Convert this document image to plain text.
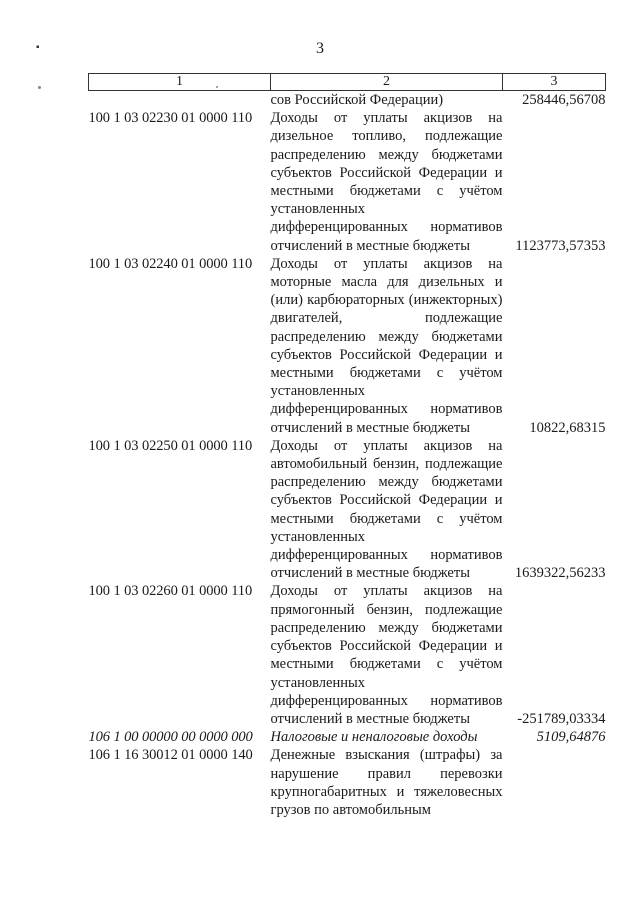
3
▪
1	2	3
	сов Российской Федерации)	258446,56708
100 1 03 02230 01 0000 110	Доходы от уплаты акцизов на дизельное топливо, подлежащие распределению между бюджетами субъектов Российской Федерации и местными бюджетами с учётом установленных дифференцированных нормативов отчислений в местные бюджеты	1123773,57353
100 1 03 02240 01 0000 110	Доходы от уплаты акцизов на моторные масла для дизельных и (или) карбюраторных (инжекторных) двигателей, подлежащие распределению между бюджетами субъектов Российской Федерации и местными бюджетами с учётом установленных дифференцированных нормативов отчислений в местные бюджеты	10822,68315
100 1 03 02250 01 0000 110	Доходы от уплаты акцизов на автомобильный бензин, подлежащие распределению между бюджетами субъектов Российской Федерации и местными бюджетами с учётом установленных дифференцированных нормативов отчислений в местные бюджеты	1639322,56233
100 1 03 02260 01 0000 110	Доходы от уплаты акцизов на прямогонный бензин, подлежащие распределению между бюджетами субъектов Российской Федерации и местными бюджетами с учётом установленных дифференцированных нормативов отчислений в местные бюджеты	-251789,03334
106 1 00 00000 00 0000 000	Налоговые и неналоговые доходы	5109,64876
106 1 16 30012 01 0000 140	Денежные взыскания (штрафы) за нарушение правил перевозки крупногабаритных и тяжеловесных грузов по автомобильным	
